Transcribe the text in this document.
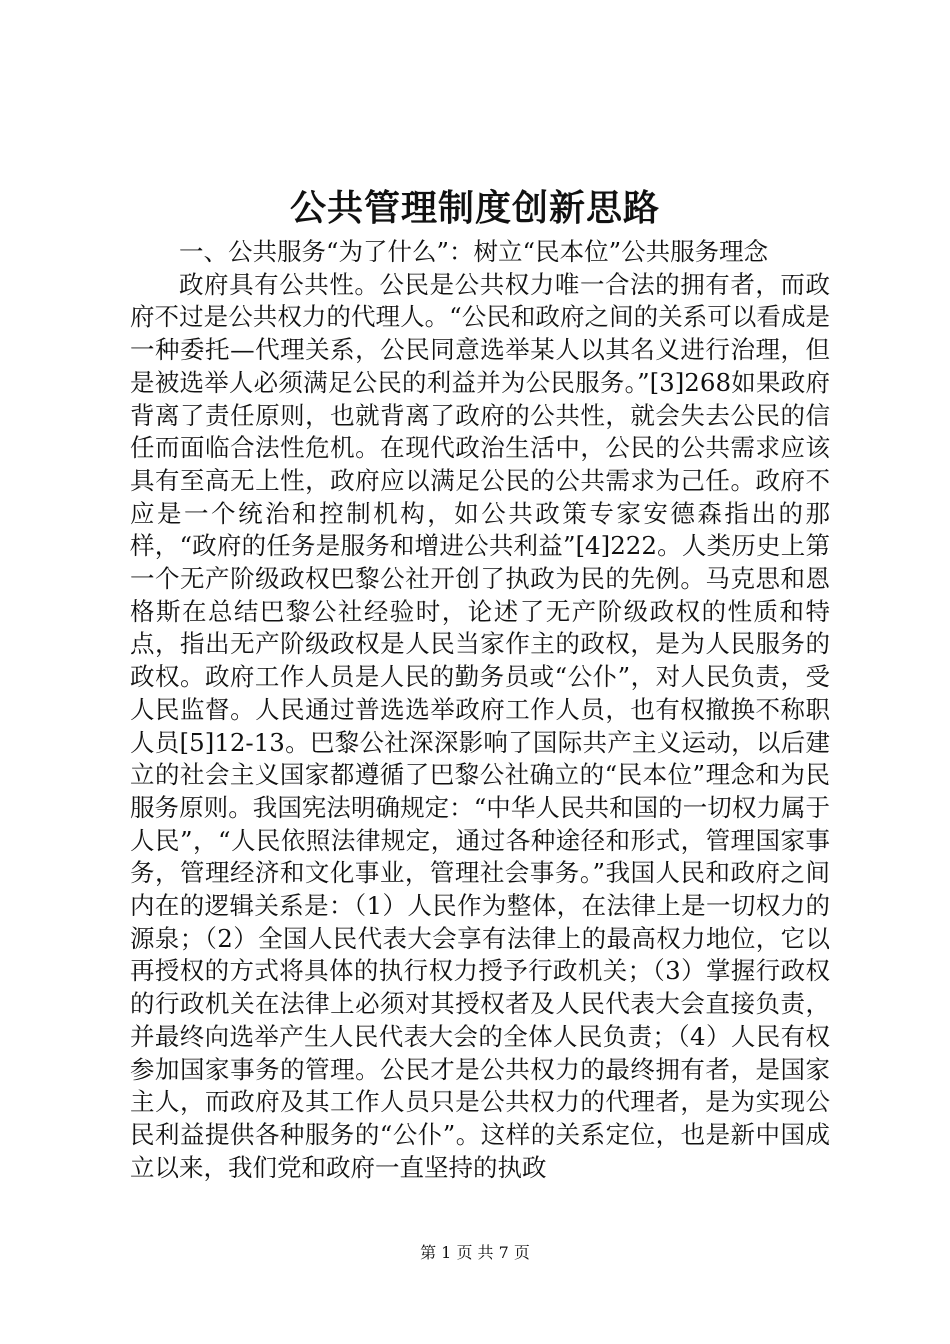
公共管理制度创新思路

一、公共服务“为了什么”：树立“民本位”公共服务理念

政府具有公共性。公民是公共权力唯一合法的拥有者，而政府不过是公共权力的代理人。“公民和政府之间的关系可以看成是一种委托—代理关系，公民同意选举某人以其名义进行治理，但是被选举人必须满足公民的利益并为公民服务。”[3]268如果政府背离了责任原则，也就背离了政府的公共性，就会失去公民的信任而面临合法性危机。在现代政治生活中，公民的公共需求应该具有至高无上性，政府应以满足公民的公共需求为己任。政府不应是一个统治和控制机构，如公共政策专家安德森指出的那样，“政府的任务是服务和增进公共利益”[4]222。人类历史上第一个无产阶级政权巴黎公社开创了执政为民的先例。马克思和恩格斯在总结巴黎公社经验时，论述了无产阶级政权的性质和特点，指出无产阶级政权是人民当家作主的政权，是为人民服务的政权。政府工作人员是人民的勤务员或“公仆”，对人民负责，受人民监督。人民通过普选选举政府工作人员，也有权撤换不称职人员[5]12-13。巴黎公社深深影响了国际共产主义运动，以后建立的社会主义国家都遵循了巴黎公社确立的“民本位”理念和为民服务原则。我国宪法明确规定：“中华人民共和国的一切权力属于人民”，“人民依照法律规定，通过各种途径和形式，管理国家事务，管理经济和文化事业，管理社会事务。”我国人民和政府之间内在的逻辑关系是：（1）人民作为整体，在法律上是一切权力的源泉；（2）全国人民代表大会享有法律上的最高权力地位，它以再授权的方式将具体的执行权力授予行政机关；（3）掌握行政权的行政机关在法律上必须对其授权者及人民代表大会直接负责，并最终向选举产生人民代表大会的全体人民负责；（4）人民有权参加国家事务的管理。公民才是公共权力的最终拥有者，是国家主人，而政府及其工作人员只是公共权力的代理者，是为实现公民利益提供各种服务的“公仆”。这样的关系定位，也是新中国成立以来，我们党和政府一直坚持的执政

第 1 页 共 7 页
